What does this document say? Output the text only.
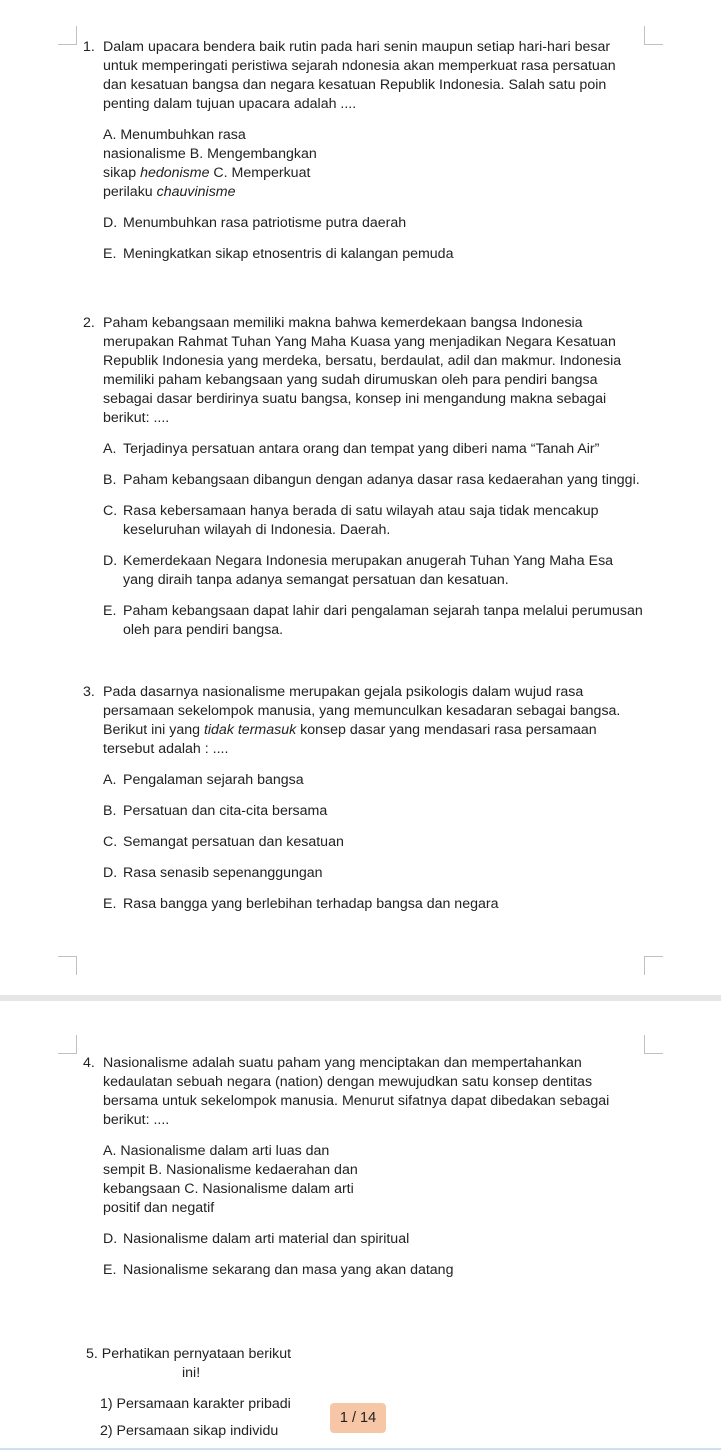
1. Dalam upacara bendera baik rutin pada hari senin maupun setiap hari-hari besar untuk memperingati peristiwa sejarah ndonesia akan memperkuat rasa persatuan dan kesatuan bangsa dan negara kesatuan Republik Indonesia. Salah satu poin penting dalam tujuan upacara adalah ....
A. Menumbuhkan rasa
nasionalisme B. Mengembangkan
sikap hedonisme C. Memperkuat
perilaku chauvinisme
D. Menumbuhkan rasa patriotisme putra daerah
E. Meningkatkan sikap etnosentris di kalangan pemuda
2. Paham kebangsaan memiliki makna bahwa kemerdekaan bangsa Indonesia merupakan Rahmat Tuhan Yang Maha Kuasa yang menjadikan Negara Kesatuan Republik Indonesia yang merdeka, bersatu, berdaulat, adil dan makmur. Indonesia memiliki paham kebangsaan yang sudah dirumuskan oleh para pendiri bangsa sebagai dasar berdirinya suatu bangsa, konsep ini mengandung makna sebagai berikut: ....
A. Terjadinya persatuan antara orang dan tempat yang diberi nama “Tanah Air”
B. Paham kebangsaan dibangun dengan adanya dasar rasa kedaerahan yang tinggi.
C. Rasa kebersamaan hanya berada di satu wilayah atau saja tidak mencakup keseluruhan wilayah di Indonesia. Daerah.
D. Kemerdekaan Negara Indonesia merupakan anugerah Tuhan Yang Maha Esa yang diraih tanpa adanya semangat persatuan dan kesatuan.
E. Paham kebangsaan dapat lahir dari pengalaman sejarah tanpa melalui perumusan oleh para pendiri bangsa.
3. Pada dasarnya nasionalisme merupakan gejala psikologis dalam wujud rasa persamaan sekelompok manusia, yang memunculkan kesadaran sebagai bangsa. Berikut ini yang tidak termasuk konsep dasar yang mendasari rasa persamaan tersebut adalah : ....
A. Pengalaman sejarah bangsa
B. Persatuan dan cita-cita bersama
C. Semangat persatuan dan kesatuan
D. Rasa senasib sepenanggungan
E. Rasa bangga yang berlebihan terhadap bangsa dan negara
4. Nasionalisme adalah suatu paham yang menciptakan dan mempertahankan kedaulatan sebuah negara (nation) dengan mewujudkan satu konsep dentitas bersama untuk sekelompok manusia. Menurut sifatnya dapat dibedakan sebagai berikut: ....
A. Nasionalisme dalam arti luas dan
sempit B. Nasionalisme kedaerahan dan
kebangsaan C. Nasionalisme dalam arti
positif dan negatif
D. Nasionalisme dalam arti material dan spiritual
E. Nasionalisme sekarang dan masa yang akan datang
5. Perhatikan pernyataan berikut
ini!
1) Persamaan karakter pribadi
2) Persamaan sikap individu
1 / 14
